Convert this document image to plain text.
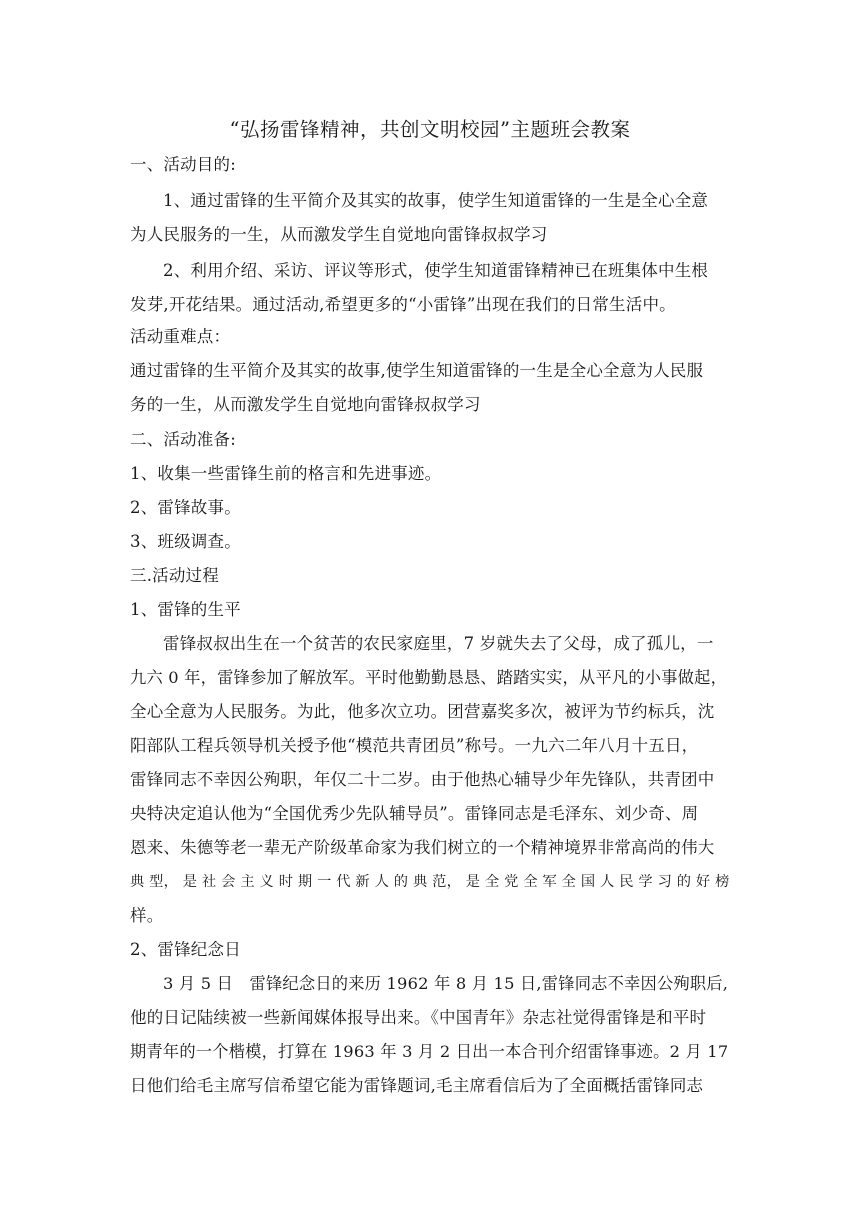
“弘扬雷锋精神，共创文明校园”主题班会教案
一、活动目的:
1、通过雷锋的生平简介及其实的故事，使学生知道雷锋的一生是全心全意
为人民服务的一生，从而激发学生自觉地向雷锋叔叔学习
2、利用介绍、采访、评议等形式，使学生知道雷锋精神已在班集体中生根
发芽,开花结果。通过活动,希望更多的“小雷锋”出现在我们的日常生活中。
活动重难点：
通过雷锋的生平简介及其实的故事,使学生知道雷锋的一生是全心全意为人民服
务的一生，从而激发学生自觉地向雷锋叔叔学习
二、活动准备:
1、收集一些雷锋生前的格言和先进事迹。
2、雷锋故事。
3、班级调查。
三.活动过程
1、雷锋的生平
雷锋叔叔出生在一个贫苦的农民家庭里，7 岁就失去了父母，成了孤儿，一
九六 0 年，雷锋参加了解放军。平时他勤勤恳恳、踏踏实实，从平凡的小事做起，
全心全意为人民服务。为此，他多次立功。团营嘉奖多次，被评为节约标兵，沈
阳部队工程兵领导机关授予他“模范共青团员”称号。一九六二年八月十五日，
雷锋同志不幸因公殉职，年仅二十二岁。由于他热心辅导少年先锋队，共青团中
央特决定追认他为“全国优秀少先队辅导员”。雷锋同志是毛泽东、刘少奇、周
恩来、朱德等老一辈无产阶级革命家为我们树立的一个精神境界非常高尚的伟大
典 型， 是 社 会 主 义 时 期 一 代 新 人 的 典 范， 是 全 党 全 军 全 国 人 民 学 习 的 好 榜
样。
2、雷锋纪念日
3 月 5 日　雷锋纪念日的来历 1962 年 8 月 15 日,雷锋同志不幸因公殉职后,
他的日记陆续被一些新闻媒体报导出来。《中国青年》杂志社觉得雷锋是和平时
期青年的一个楷模，打算在 1963 年 3 月 2 日出一本合刊介绍雷锋事迹。2 月 17
日他们给毛主席写信希望它能为雷锋题词,毛主席看信后为了全面概括雷锋同志
